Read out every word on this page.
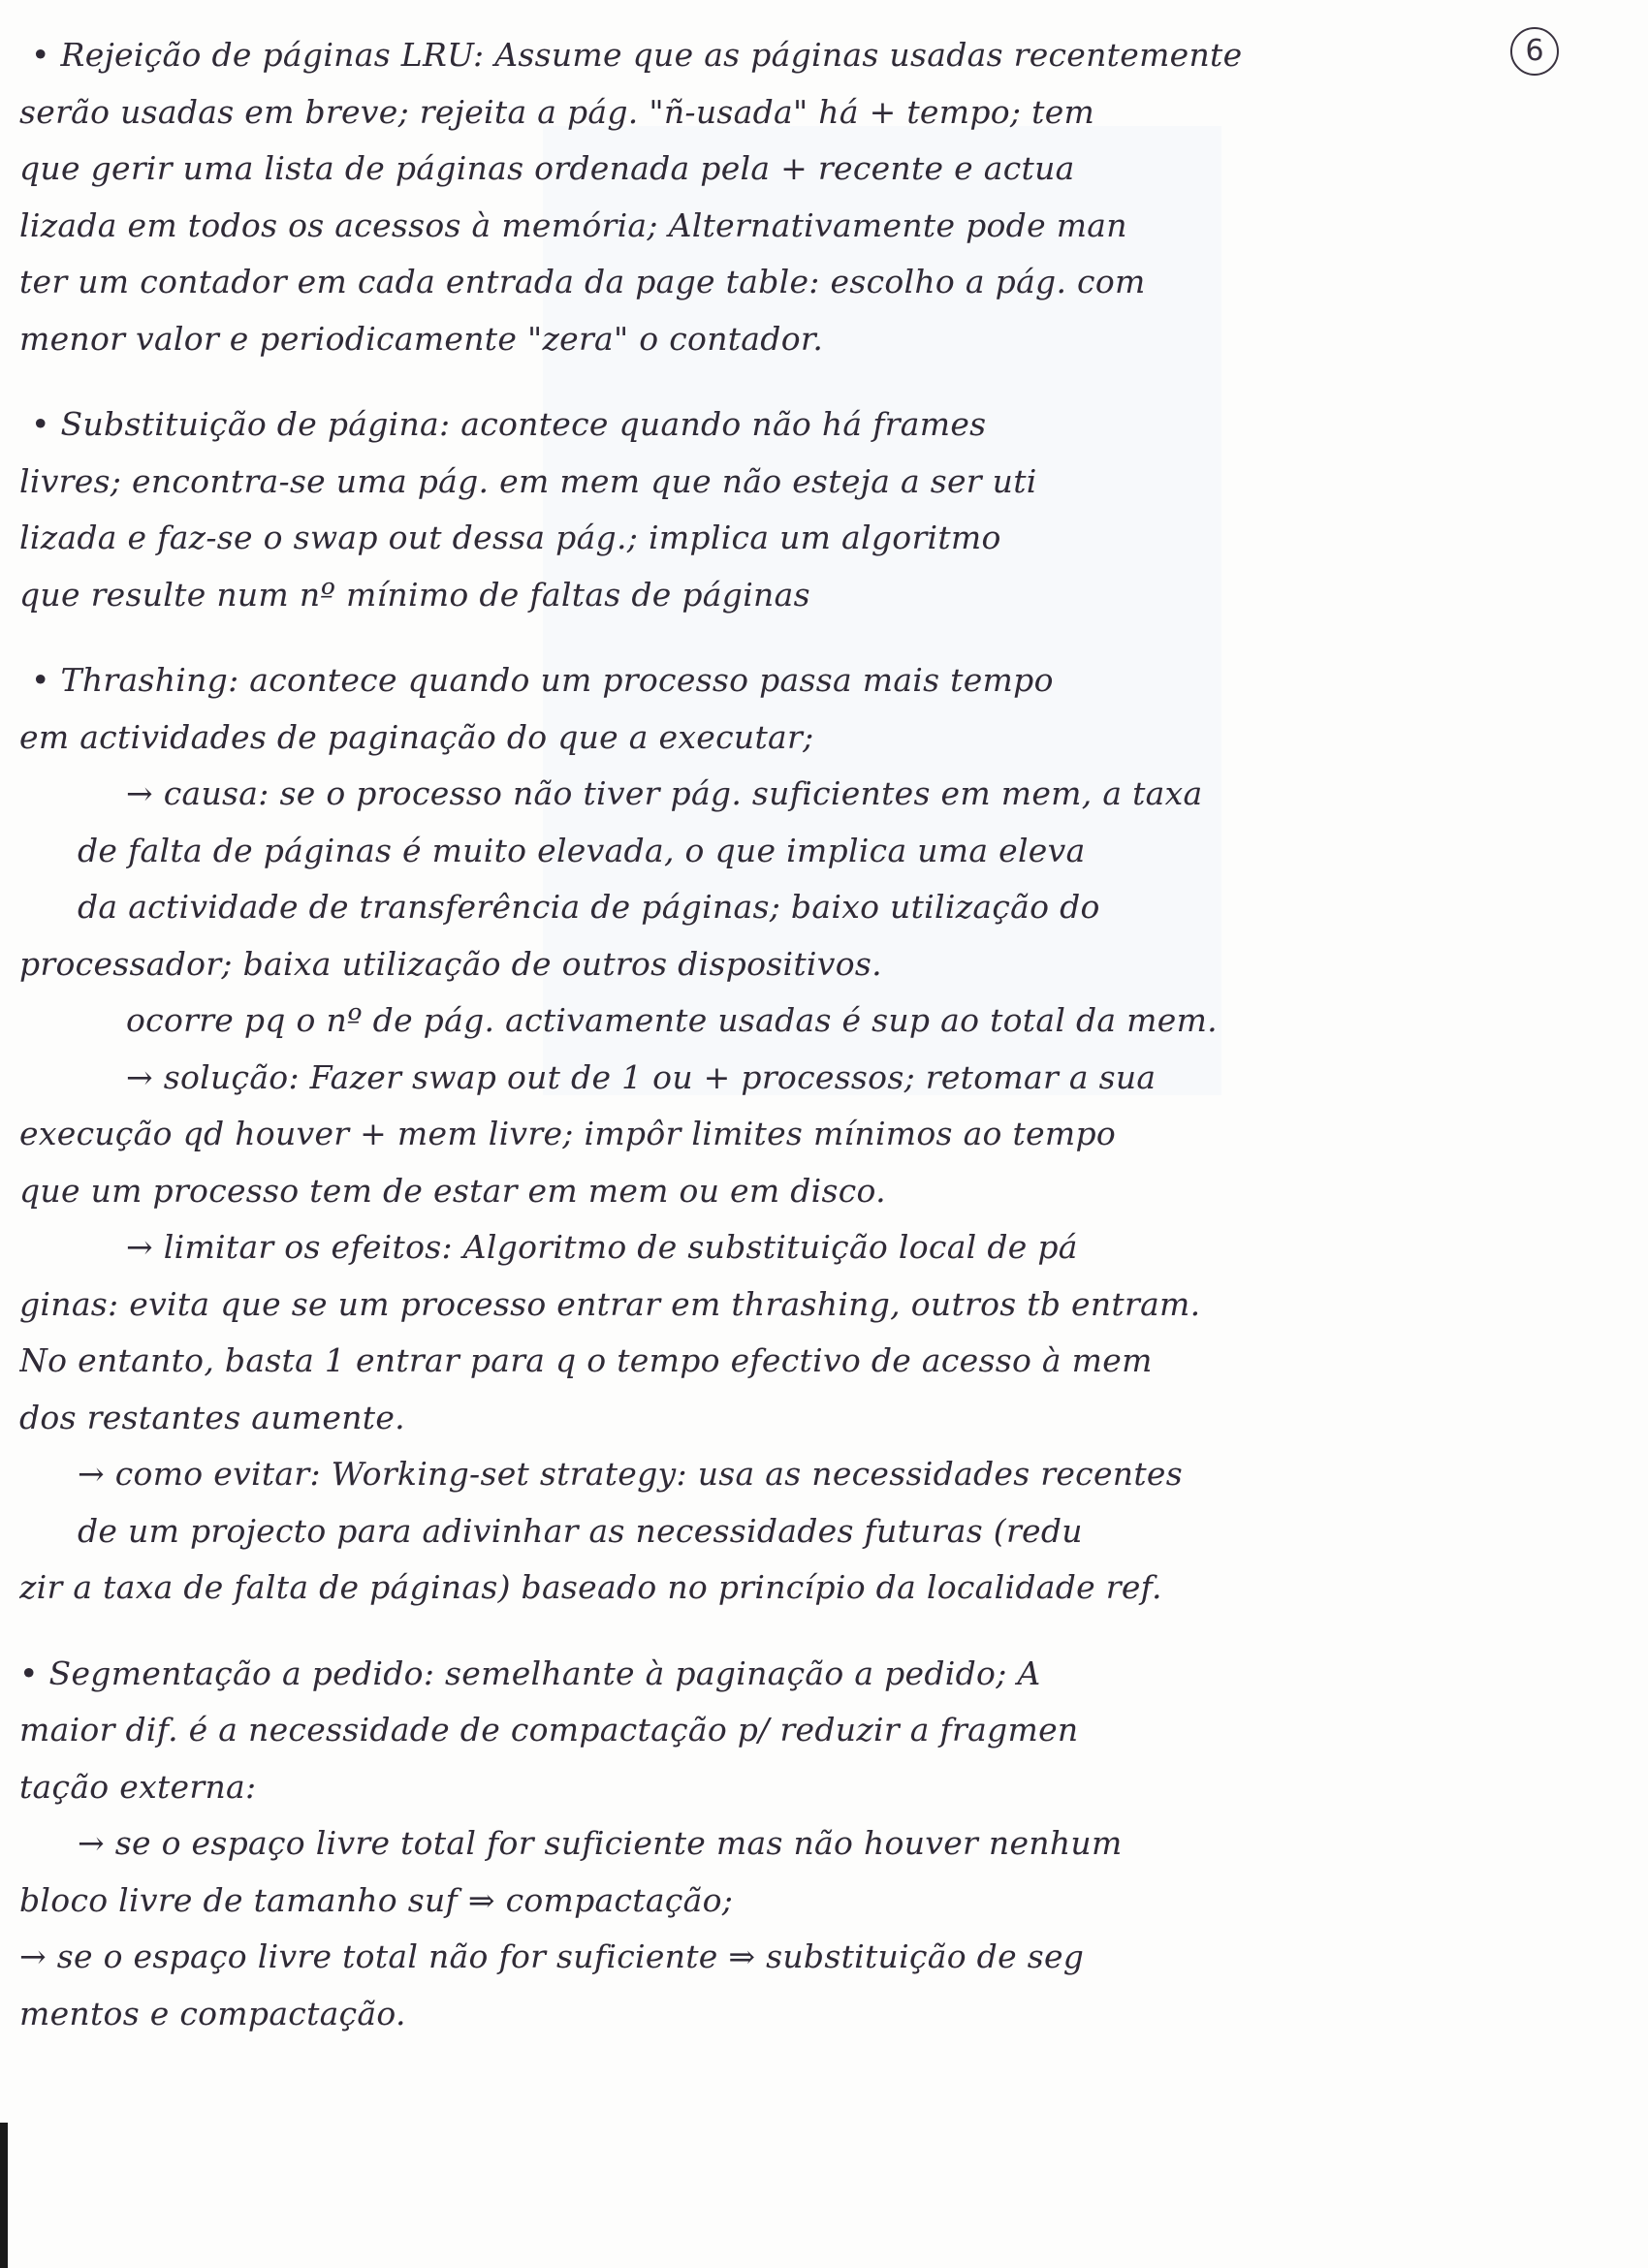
6
• Rejeição de páginas LRU: Assume que as páginas usadas recentemente
serão usadas em breve; rejeita a pág. "ñ-usada" há + tempo; tem
que gerir uma lista de páginas ordenada pela + recente e actua
lizada em todos os acessos à memória; Alternativamente pode man
ter um contador em cada entrada da page table: escolho a pág. com
menor valor e periodicamente "zera" o contador.
• Substituição de página: acontece quando não há frames
livres; encontra-se uma pág. em mem que não esteja a ser uti
lizada e faz-se o swap out dessa pág.; implica um algoritmo
que resulte num nº mínimo de faltas de páginas
• Thrashing: acontece quando um processo passa mais tempo
em actividades de paginação do que a executar;
→ causa: se o processo não tiver pág. suficientes em mem, a taxa
de falta de páginas é muito elevada, o que implica uma eleva
da actividade de transferência de páginas; baixo utilização do
processador; baixa utilização de outros dispositivos.
ocorre pq o nº de pág. activamente usadas é sup ao total da mem.
→ solução: Fazer swap out de 1 ou + processos; retomar a sua
execução qd houver + mem livre; impôr limites mínimos ao tempo
que um processo tem de estar em mem ou em disco.
→ limitar os efeitos: Algoritmo de substituição local de pá
ginas: evita que se um processo entrar em thrashing, outros tb entram.
No entanto, basta 1 entrar para q o tempo efectivo de acesso à mem
dos restantes aumente.
→ como evitar: Working-set strategy: usa as necessidades recentes
de um projecto para adivinhar as necessidades futuras (redu
zir a taxa de falta de páginas) baseado no princípio da localidade ref.
• Segmentação a pedido: semelhante à paginação a pedido; A
maior dif. é a necessidade de compactação p/ reduzir a fragmen
tação externa:
→ se o espaço livre total for suficiente mas não houver nenhum
bloco livre de tamanho suf ⇒ compactação;
→ se o espaço livre total não for suficiente ⇒ substituição de seg
mentos e compactação.
